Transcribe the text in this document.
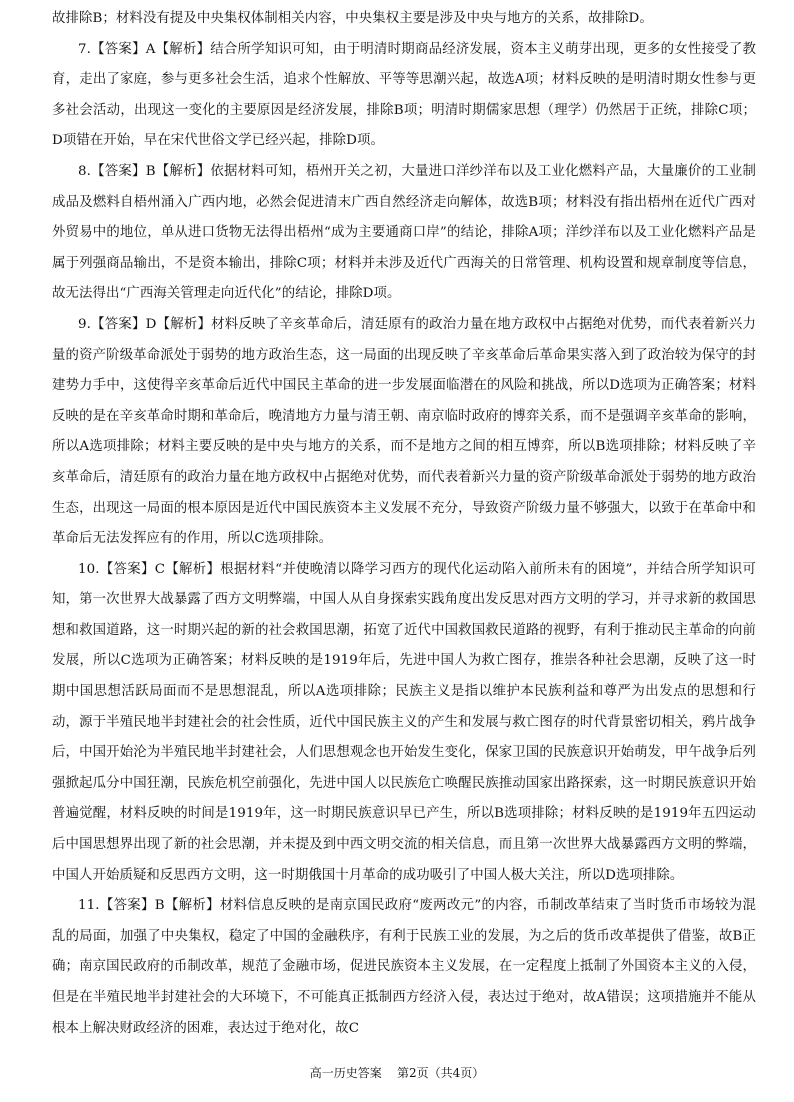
故排除B；材料没有提及中央集权体制相关内容，中央集权主要是涉及中央与地方的关系，故排除D。

7.【答案】A【解析】结合所学知识可知，由于明清时期商品经济发展，资本主义萌芽出现，更多的女性接受了教育，走出了家庭，参与更多社会生活，追求个性解放、平等等思潮兴起，故选A项；材料反映的是明清时期女性参与更多社会活动，出现这一变化的主要原因是经济发展，排除B项；明清时期儒家思想（理学）仍然居于正统，排除C项；D项错在开始，早在宋代世俗文学已经兴起，排除D项。

8.【答案】B【解析】依据材料可知，梧州开关之初，大量进口洋纱洋布以及工业化燃料产品，大量廉价的工业制成品及燃料自梧州涌入广西内地，必然会促进清末广西自然经济走向解体，故选B项；材料没有指出梧州在近代广西对外贸易中的地位，单从进口货物无法得出梧州“成为主要通商口岸”的结论，排除A项；洋纱洋布以及工业化燃料产品是属于列强商品输出，不是资本输出，排除C项；材料并未涉及近代广西海关的日常管理、机构设置和规章制度等信息，故无法得出“广西海关管理走向近代化”的结论，排除D项。

9.【答案】D【解析】材料反映了辛亥革命后，清廷原有的政治力量在地方政权中占据绝对优势，而代表着新兴力量的资产阶级革命派处于弱势的地方政治生态，这一局面的出现反映了辛亥革命后革命果实落入到了政治较为保守的封建势力手中，这使得辛亥革命后近代中国民主革命的进一步发展面临潜在的风险和挑战，所以D选项为正确答案；材料反映的是在辛亥革命时期和革命后，晚清地方力量与清王朝、南京临时政府的博弈关系，而不是强调辛亥革命的影响，所以A选项排除；材料主要反映的是中央与地方的关系，而不是地方之间的相互博弈，所以B选项排除；材料反映了辛亥革命后，清廷原有的政治力量在地方政权中占据绝对优势，而代表着新兴力量的资产阶级革命派处于弱势的地方政治生态，出现这一局面的根本原因是近代中国民族资本主义发展不充分，导致资产阶级力量不够强大，以致于在革命中和革命后无法发挥应有的作用，所以C选项排除。

10.【答案】C【解析】根据材料“并使晚清以降学习西方的现代化运动陷入前所未有的困境”，并结合所学知识可知，第一次世界大战暴露了西方文明弊端，中国人从自身探索实践角度出发反思对西方文明的学习，并寻求新的救国思想和救国道路，这一时期兴起的新的社会救国思潮，拓宽了近代中国救国救民道路的视野，有利于推动民主革命的向前发展，所以C选项为正确答案；材料反映的是1919年后，先进中国人为救亡图存，推崇各种社会思潮，反映了这一时期中国思想活跃局面而不是思想混乱，所以A选项排除；民族主义是指以维护本民族利益和尊严为出发点的思想和行动，源于半殖民地半封建社会的社会性质，近代中国民族主义的产生和发展与救亡图存的时代背景密切相关，鸦片战争后，中国开始沦为半殖民地半封建社会，人们思想观念也开始发生变化，保家卫国的民族意识开始萌发，甲午战争后列强掀起瓜分中国狂潮，民族危机空前强化，先进中国人以民族危亡唤醒民族推动国家出路探索，这一时期民族意识开始普遍觉醒，材料反映的时间是1919年，这一时期民族意识早已产生，所以B选项排除；材料反映的是1919年五四运动后中国思想界出现了新的社会思潮，并未提及到中西文明交流的相关信息，而且第一次世界大战暴露西方文明的弊端，中国人开始质疑和反思西方文明，这一时期俄国十月革命的成功吸引了中国人极大关注，所以D选项排除。

11.【答案】B【解析】材料信息反映的是南京国民政府“废两改元”的内容，币制改革结束了当时货币市场较为混乱的局面，加强了中央集权，稳定了中国的金融秩序，有利于民族工业的发展，为之后的货币改革提供了借鉴，故B正确；南京国民政府的币制改革，规范了金融市场，促进民族资本主义发展，在一定程度上抵制了外国资本主义的入侵，但是在半殖民地半封建社会的大环境下，不可能真正抵制西方经济入侵，表达过于绝对，故A错误；这项措施并不能从根本上解决财政经济的困难，表达过于绝对化，故C

高一历史答案 第2页（共4页）
